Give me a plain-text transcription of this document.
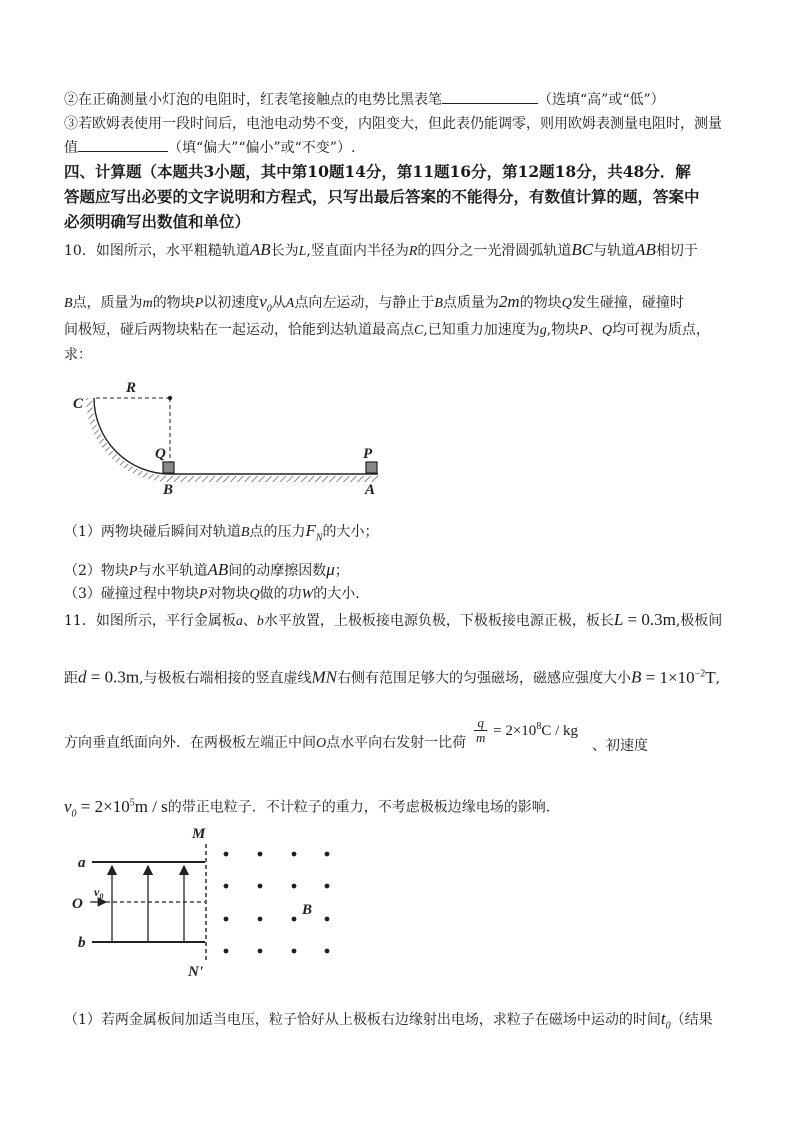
②在正确测量小灯泡的电阻时，红表笔接触点的电势比黑表笔	（选填“高”或“低”）
③若欧姆表使用一段时间后，电池电动势不变，内阻变大，但此表仍能调零，则用欧姆表测量电阻时，测量
值	（填“偏大”“偏小”或“不变”）.
四、计算题（本题共3小题，其中第10题14分，第11题16分，第12题18分，共48分．解
答题应写出必要的文字说明和方程式，只写出最后答案的不能得分，有数值计算的题，答案中
必须明确写出数值和单位）
10．如图所示，水平粗糙轨道AB长为L,竖直面内半径为R的四分之一光滑圆弧轨道BC与轨道AB相切于
B点，质量为m的物块P以初速度$v_0$从A点向左运动，与静止于B点质量为2m的物块Q发生碰撞，碰撞时
间极短，碰后两物块粘在一起运动，恰能到达轨道最高点C,已知重力加速度为g,物块P、Q均可视为质点，
求：
C
R
Q	P
B	A
（1）两物块碰后瞬间对轨道B点的压力$F_N$的大小；
（2）物块P与水平轨道AB间的动摩擦因数μ；
（3）碰撞过程中物块P对物块Q做的功W的大小.
11．如图所示，平行金属板a、b水平放置，上极板接电源负极，下极板接电源正极，板长L = 0.3m,极板间
距d = 0.3m,与极板右端相接的竖直虚线MN右侧有范围足够大的匀强磁场，磁感应强度大小$B = 1\times 10^{-2}T$,
方向垂直纸面向外．在两极板左端正中间O点水平向右发射一比荷 $\frac{q}{m} = 2\times 10^8C$ / kg
、初速度
$v_0 = 2\times 10^5m / s$的带正电粒子．不计粒子的重力，不考虑极板边缘电场的影响.
M
a
O
$v_0$
b
N'
B
（1）若两金属板间加适当电压，粒子恰好从上极板右边缘射出电场，求粒子在磁场中运动的时间$t_0$（结果
